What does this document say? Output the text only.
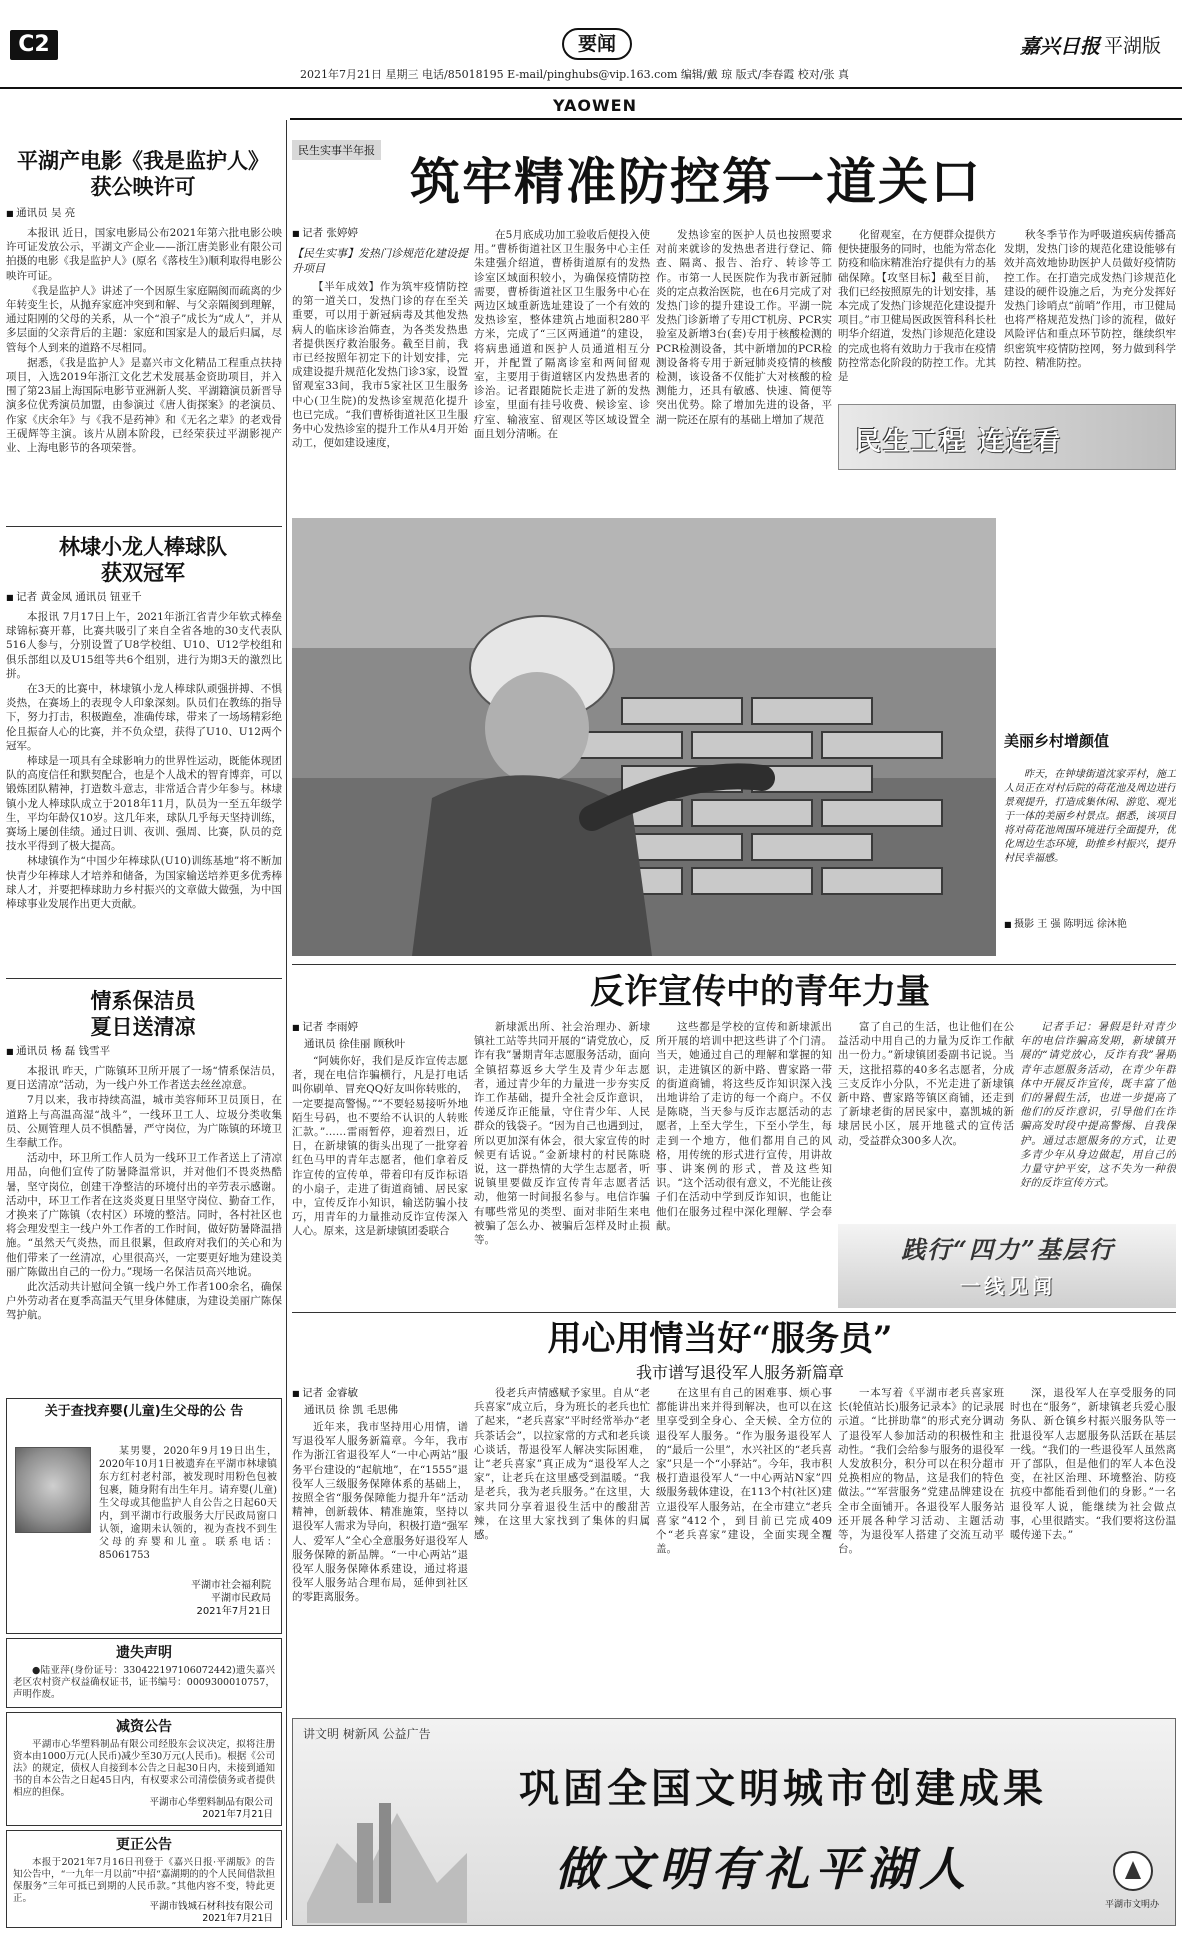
C2
2021年7月21日 星期三 电话/85018195 E-mail/pinghubs@vip.163.com 编辑/戴 琼 版式/李春霞 校对/张 真
要闻
YAOWEN
嘉兴日报 平湖版
平湖产电影《我是监护人》
获公映许可
■ 通讯员 吴 亮

本报讯 近日，国家电影局公布2021年第六批电影公映许可证发放公示，平湖文产企业——浙江唐美影业有限公司拍摄的电影《我是监护人》(原名《落枝生》)顺利取得电影公映许可证。

《我是监护人》讲述了一个因原生家庭隔阂而疏离的少年转变生长，从抛弃家庭冲突到和解、与父亲隔阂到理解，通过阳刚的父母的关系，从一个“浪子”成长为“成人”，并从多层面的父亲背后的主题：家庭和国家是人的最后归属，尽管每个人到来的道路不尽相同。

据悉，《我是监护人》是嘉兴市文化精品工程重点扶持项目，入选2019年浙江文化艺术发展基金资助项目，并入围了第23届上海国际电影节亚洲新人奖、平湖籍演员新晋导演多位优秀演员加盟，由参演过《唐人街探案》的老演员、作家《庆余年》与《我不是药神》和《无名之辈》的老戏骨王砚辉等主演。该片从剧本阶段，已经荣获过平湖影视产业、上海电影节的各项荣誉。

林埭小龙人棒球队
获双冠军
■ 记者 黄金凤 通讯员 钮亚千

本报讯 7月17日上午，2021年浙江省青少年软式棒垒球锦标赛开幕，比赛共吸引了来自全省各地的30支代表队516人参与，分别设置了U8学校组、U10、U12学校组和俱乐部组以及U15组等共6个组别，进行为期3天的激烈比拼。

在3天的比赛中，林埭镇小龙人棒球队顽强拼搏、不惧炎热，在赛场上的表现令人印象深刻。队员们在教练的指导下，努力打击，积极跑垒，准确传球，带来了一场场精彩绝伦且振奋人心的比赛，并不负众望，获得了U10、U12两个冠军。

棒球是一项具有全球影响力的世界性运动，既能体现团队的高度信任和默契配合，也是个人战术的智育博弈，可以锻炼团队精神，打造数斗意志，非常适合青少年参与。林埭镇小龙人棒球队成立于2018年11月，队员为一至五年级学生，平均年龄仅10岁。这几年来，球队几乎每天坚持训练，赛场上屡创佳绩。通过日训、夜训、强周、比赛，队员的竞技水平得到了极大提高。

林埭镇作为“中国少年棒球队(U10)训练基地”将不断加快青少年棒球人才培养和储备，为国家输送培养更多优秀棒球人才，并要把棒球助力乡村振兴的文章做大做强，为中国棒球事业发展作出更大贡献。

情系保洁员
夏日送清凉
■ 通讯员 杨 磊 钱雪平

本报讯 昨天，广陈镇环卫所开展了一场“情系保洁员，夏日送清凉”活动，为一线户外工作者送去丝丝凉意。

7月以来，我市持续高温，城市美容师环卫员顶日，在道路上与高温高湿“战斗”，一线环卫工人、垃圾分类收集员、公厕管理人员不惧酷暑，严守岗位，为广陈镇的环境卫生奉献工作。

活动中，环卫所工作人员为一线环卫工作者送上了清凉用品，向他们宣传了防暑降温常识，并对他们不畏炎热酷暑，坚守岗位，创建干净整洁的环境付出的辛劳表示感谢。活动中，环卫工作者在这炎炎夏日里坚守岗位、勤奋工作，才换来了广陈镇（农村区）环境的整洁。同时，各村社区也将会理发型主一线户外工作者的工作时间，做好防暑降温措施。“虽然天气炎热，而且很累，但政府对我们的关心和为他们带来了一丝清凉，心里很高兴，一定要更好地为建设美丽广陈做出自己的一份力。”现场一名保洁员高兴地说。

此次活动共计慰问全镇一线户外工作者100余名，确保户外劳动者在夏季高温天气里身体健康，为建设美丽广陈保驾护航。

关于查找弃婴(儿童)生父母的公 告
某男婴，2020年9月19日出生，2020年10月1日被遗弃在平湖市林埭镇东方红村老村部，被发现时用粉色包被包裹，随身附有出生年月。请弃婴(儿童)生父母或其他监护人自公告之日起60天内，到平湖市行政服务大厅民政局窗口认领，逾期未认领的，视为查找不到生父母的弃婴和儿童。联系电话：85061753
平湖市社会福利院
平湖市民政局
2021年7月21日
遗失声明
●陆亚萍(身份证号：330422197106072442)遗失嘉兴老区农村资产权益确权证书，证书编号：0009300010757，声明作废。
减资公告
平湖市心华塑料制品有限公司经股东会议决定，拟将注册资本由1000万元(人民币)减少至30万元(人民币)。根据《公司法》的规定，债权人自接到本公告之日起30日内，未接到通知书的自本公告之日起45日内，有权要求公司清偿债务或者提供相应的担保。
平湖市心华塑料制品有限公司
2021年7月21日
更正公告
本报于2021年7月16日刊登于《嘉兴日报·平湖版》的告知公告中，“一九年一月以前”中招“嘉湖期的的个人民间借款担保服务”三年可抵已到期的人民币款。”其他内容不变，特此更正。
平湖市钱城石材科技有限公司
2021年7月21日
民生实事半年报
筑牢精准防控第一道关口
■ 记者 张婷婷
【民生实事】发热门诊规范化建设提升项目
【半年成效】作为筑牢疫情防控的第一道关口，发热门诊的存在至关重要，可以用于新冠病毒及其他发热病人的临床诊治筛查，为各类发热患者提供医疗救治服务。截至目前，我市已经按照年初定下的计划安排，完成建设提升规范化发热门诊3家，设置留观室33间，我市5家社区卫生服务中心(卫生院)的发热诊室规范化提升也已完成。“我们曹桥街道社区卫生服务中心发热诊室的提升工作从4月开始动工，便如建设速度，
在5月底成功加工验收后便投入使用。”曹桥街道社区卫生服务中心主任朱建强介绍道，曹桥街道原有的发热诊室区域面积较小，为确保疫情防控需要，曹桥街道社区卫生服务中心在两边区域重新选址建设了一个有效的发热诊室，整体建筑占地面积280平方米，完成了“三区两通道”的建设，将病患通道和医护人员通道相互分开，并配置了隔离诊室和两间留观室，主要用于街道辖区内发热患者的诊治。记者跟随院长走进了新的发热诊室，里面有挂号收费、候诊室、诊疗室、输液室、留观区等区域设置全面且划分清晰。在
发热诊室的医护人员也按照要求对前来就诊的发热患者进行登记、筛查、隔离、报告、治疗、转诊等工作。市第一人民医院作为我市新冠肺炎的定点救治医院，也在6月完成了对发热门诊的提升建设工作。平湖一院发热门诊新增了专用CT机房、PCR实验室及新增3台(套)专用于核酸检测的PCR检测设备，其中新增加的PCR检测设备将专用于新冠肺炎疫情的核酸检测，该设备不仅能扩大对核酸的检测能力，还具有敏感、快速、简便等突出优势。除了增加先进的设备，平湖一院还在原有的基础上增加了规范
化留观室，在方便群众提供方便快捷服务的同时，也能为常态化防疫和临床精准治疗提供有力的基础保障。【攻坚目标】截至目前，我们已经按照原先的计划安排，基本完成了发热门诊规范化建设提升项目。”市卫健局医政医管科科长杜明华介绍道，发热门诊规范化建设的完成也将有效助力于我市在疫情防控常态化阶段的防控工作。尤其是
秋冬季节作为呼吸道疾病传播高发期，发热门诊的规范化建设能够有效并高效地协助医护人员做好疫情防控工作。在打造完成发热门诊规范化建设的硬件设施之后，为充分发挥好发热门诊哨点“前哨”作用，市卫健局也将严格规范发热门诊的流程，做好风险评估和重点环节防控，继续织牢织密筑牢疫情防控网，努力做到科学防控、精准防控。
民生工程 连连看
美丽乡村增颜值
昨天，在钟埭街道沈家弄村，施工人员正在对村后院的荷花池及周边进行景观提升，打造成集休闲、游览、观光于一体的美丽乡村景点。据悉，该项目将对荷花池周围环境进行全面提升，优化周边生态环境，助推乡村振兴，提升村民幸福感。
■ 摄影 王 强 陈明远 徐沐艳
反诈宣传中的青年力量
■ 记者 李雨婷
通讯员 徐佳丽 顾秋叶
“阿姨你好，我们是反诈宣传志愿者，现在电信诈骗横行，凡是打电话叫你刷单、冒充QQ好友叫你转账的，一定要提高警惕。”“不要轻易接听外地陌生号码，也不要给不认识的人转账汇款。”……雷雨暂停，迎着烈日，近日，在新埭镇的街头出现了一批穿着红色马甲的青年志愿者，他们拿着反诈宣传的宣传单，带着印有反诈标语的小扇子，走进了街道商铺、居民家中，宣传反诈小知识，输送防骗小技巧，用青年的力量推动反诈宣传深入人心。原来，这是新埭镇团委联合
新埭派出所、社会治理办、新埭镇社工站等共同开展的“请党放心，反诈有我”暑期青年志愿服务活动，面向全镇招募返乡大学生及青少年志愿者，通过青少年的力量进一步夯实反诈工作基础，提升全社会反诈意识，传递反诈正能量，守住青少年、人民群众的钱袋子。“因为自己也遇到过，所以更加深有体会，很大家宣传的时候更有话说。”金新埭村的村民陈晓说，这一群热情的大学生志愿者，听说镇里要做反诈宣传青年志愿者活动，他第一时间报名参与。电信诈骗有哪些常见的类型、面对非陌生来电被骗了怎么办、被骗后怎样及时止损等。
这些都是学校的宣传和新埭派出所开展的培训中把这些讲了个门清。当天，她通过自己的理解和掌握的知识，走进镇区的新中路、曹家路一带的街道商铺，将这些反诈知识深入浅出地讲给了走访的每一个商户。不仅是陈晓，当天参与反诈志愿活动的志愿者，上至大学生，下至小学生，每走到一个地方，他们都用自己的风格，用传统的形式进行宣传，用讲故事、讲案例的形式，普及这些知识。“这个活动很有意义，不光能让孩子们在活动中学到反诈知识，也能让他们在服务过程中深化理解、学会奉献。
富了自己的生活，也让他们在公益活动中用自己的力量为反诈工作献出一份力。”新埭镇团委副书记说。当天，这批招募的40多名志愿者，分成三支反诈小分队，不光走进了新埭镇新中路、曹家路等镇区商铺，还走到了新埭老街的居民家中，嘉凯城的新埭居民小区，展开地毯式的宣传活动，受益群众300多人次。
记者手记：暑假是针对青少年的电信诈骗高发期，新埭镇开展的“请党放心，反诈有我”暑期青年志愿服务活动，在青少年群体中开展反诈宣传，既丰富了他们的暑假生活，也进一步提高了他们的反诈意识，引导他们在诈骗高发时段中提高警惕、自我保护。通过志愿服务的方式，让更多青少年从身边做起，用自己的力量守护平安，这不失为一种很好的反诈宣传方式。
践行“四力”基层行
一线见闻
用心用情当好“服务员”
我市谱写退役军人服务新篇章
■ 记者 金睿敏
通讯员 徐 凯 毛思佛
近年来，我市坚持用心用情，谱写退役军人服务新篇章。今年，我市作为浙江省退役军人“一中心两站”服务平台建设的“起航地”，在“1555”退役军人三级服务保障体系的基础上，按照全省“服务保障能力提升年”活动精神，创新载体、精准施策，坚持以退役军人需求为导向，积极打造“强军人、爱军人”全心全意服务好退役军人服务保障的新品牌。“一中心两站”退役军人服务保障体系建设，通过将退役军人服务站合理布局，延伸到社区的零距离服务。
役老兵声情感赋予家里。自从“老兵喜家”成立后，身为班长的老兵也忙了起来，“老兵喜家”平时经常举办“老兵茶话会”，以拉家常的方式和老兵谈心谈话，帮退役军人解决实际困难，让“老兵喜家”真正成为“退役军人之家”，让老兵在这里感受到温暖。“我是老兵，我为老兵服务。”在这里，大家共同分享着退役生活中的酸甜苦辣，在这里大家找到了集体的归属感。
在这里有自己的困难事、烦心事都能讲出来并得到解决，也可以在这里享受到全身心、全天候、全方位的退役军人服务。“作为服务退役军人的“最后一公里”，水兴社区的“老兵喜家”只是一个“小驿站”。今年，我市积极打造退役军人“一中心两站N家”四级服务载体建设，在113个村(社区)建立退役军人服务站，在全市建立“老兵喜家”412个，到目前已完成409个“老兵喜家”建设，全面实现全覆盖。
一本写着《平湖市老兵喜家班长(轮值站长)服务记录本》的记录展示道。“比拼助靠”的形式充分调动了退役军人参加活动的积极性和主动性。“我们会给参与服务的退役军人发放积分，积分可以在积分超市兑换相应的物品，这是我们的特色做法。”“军营服务”党建品牌建设在全市全面铺开。各退役军人服务站还开展各种学习活动、主题活动等，为退役军人搭建了交流互动平台。
深，退役军人在享受服务的同时也在“服务”，新埭镇老兵爱心服务队、新仓镇乡村振兴服务队等一批退役军人志愿服务队活跃在基层一线。“我们的一些退役军人虽然离开了部队，但是他们的军人本色没变，在社区治理、环境整治、防疫抗疫中都能看到他们的身影。”一名退役军人说，能继续为社会做点事，心里很踏实。“我们要将这份温暖传递下去。”
讲文明 树新风 公益广告
巩固全国文明城市创建成果
做文明有礼平湖人
平湖市文明办
